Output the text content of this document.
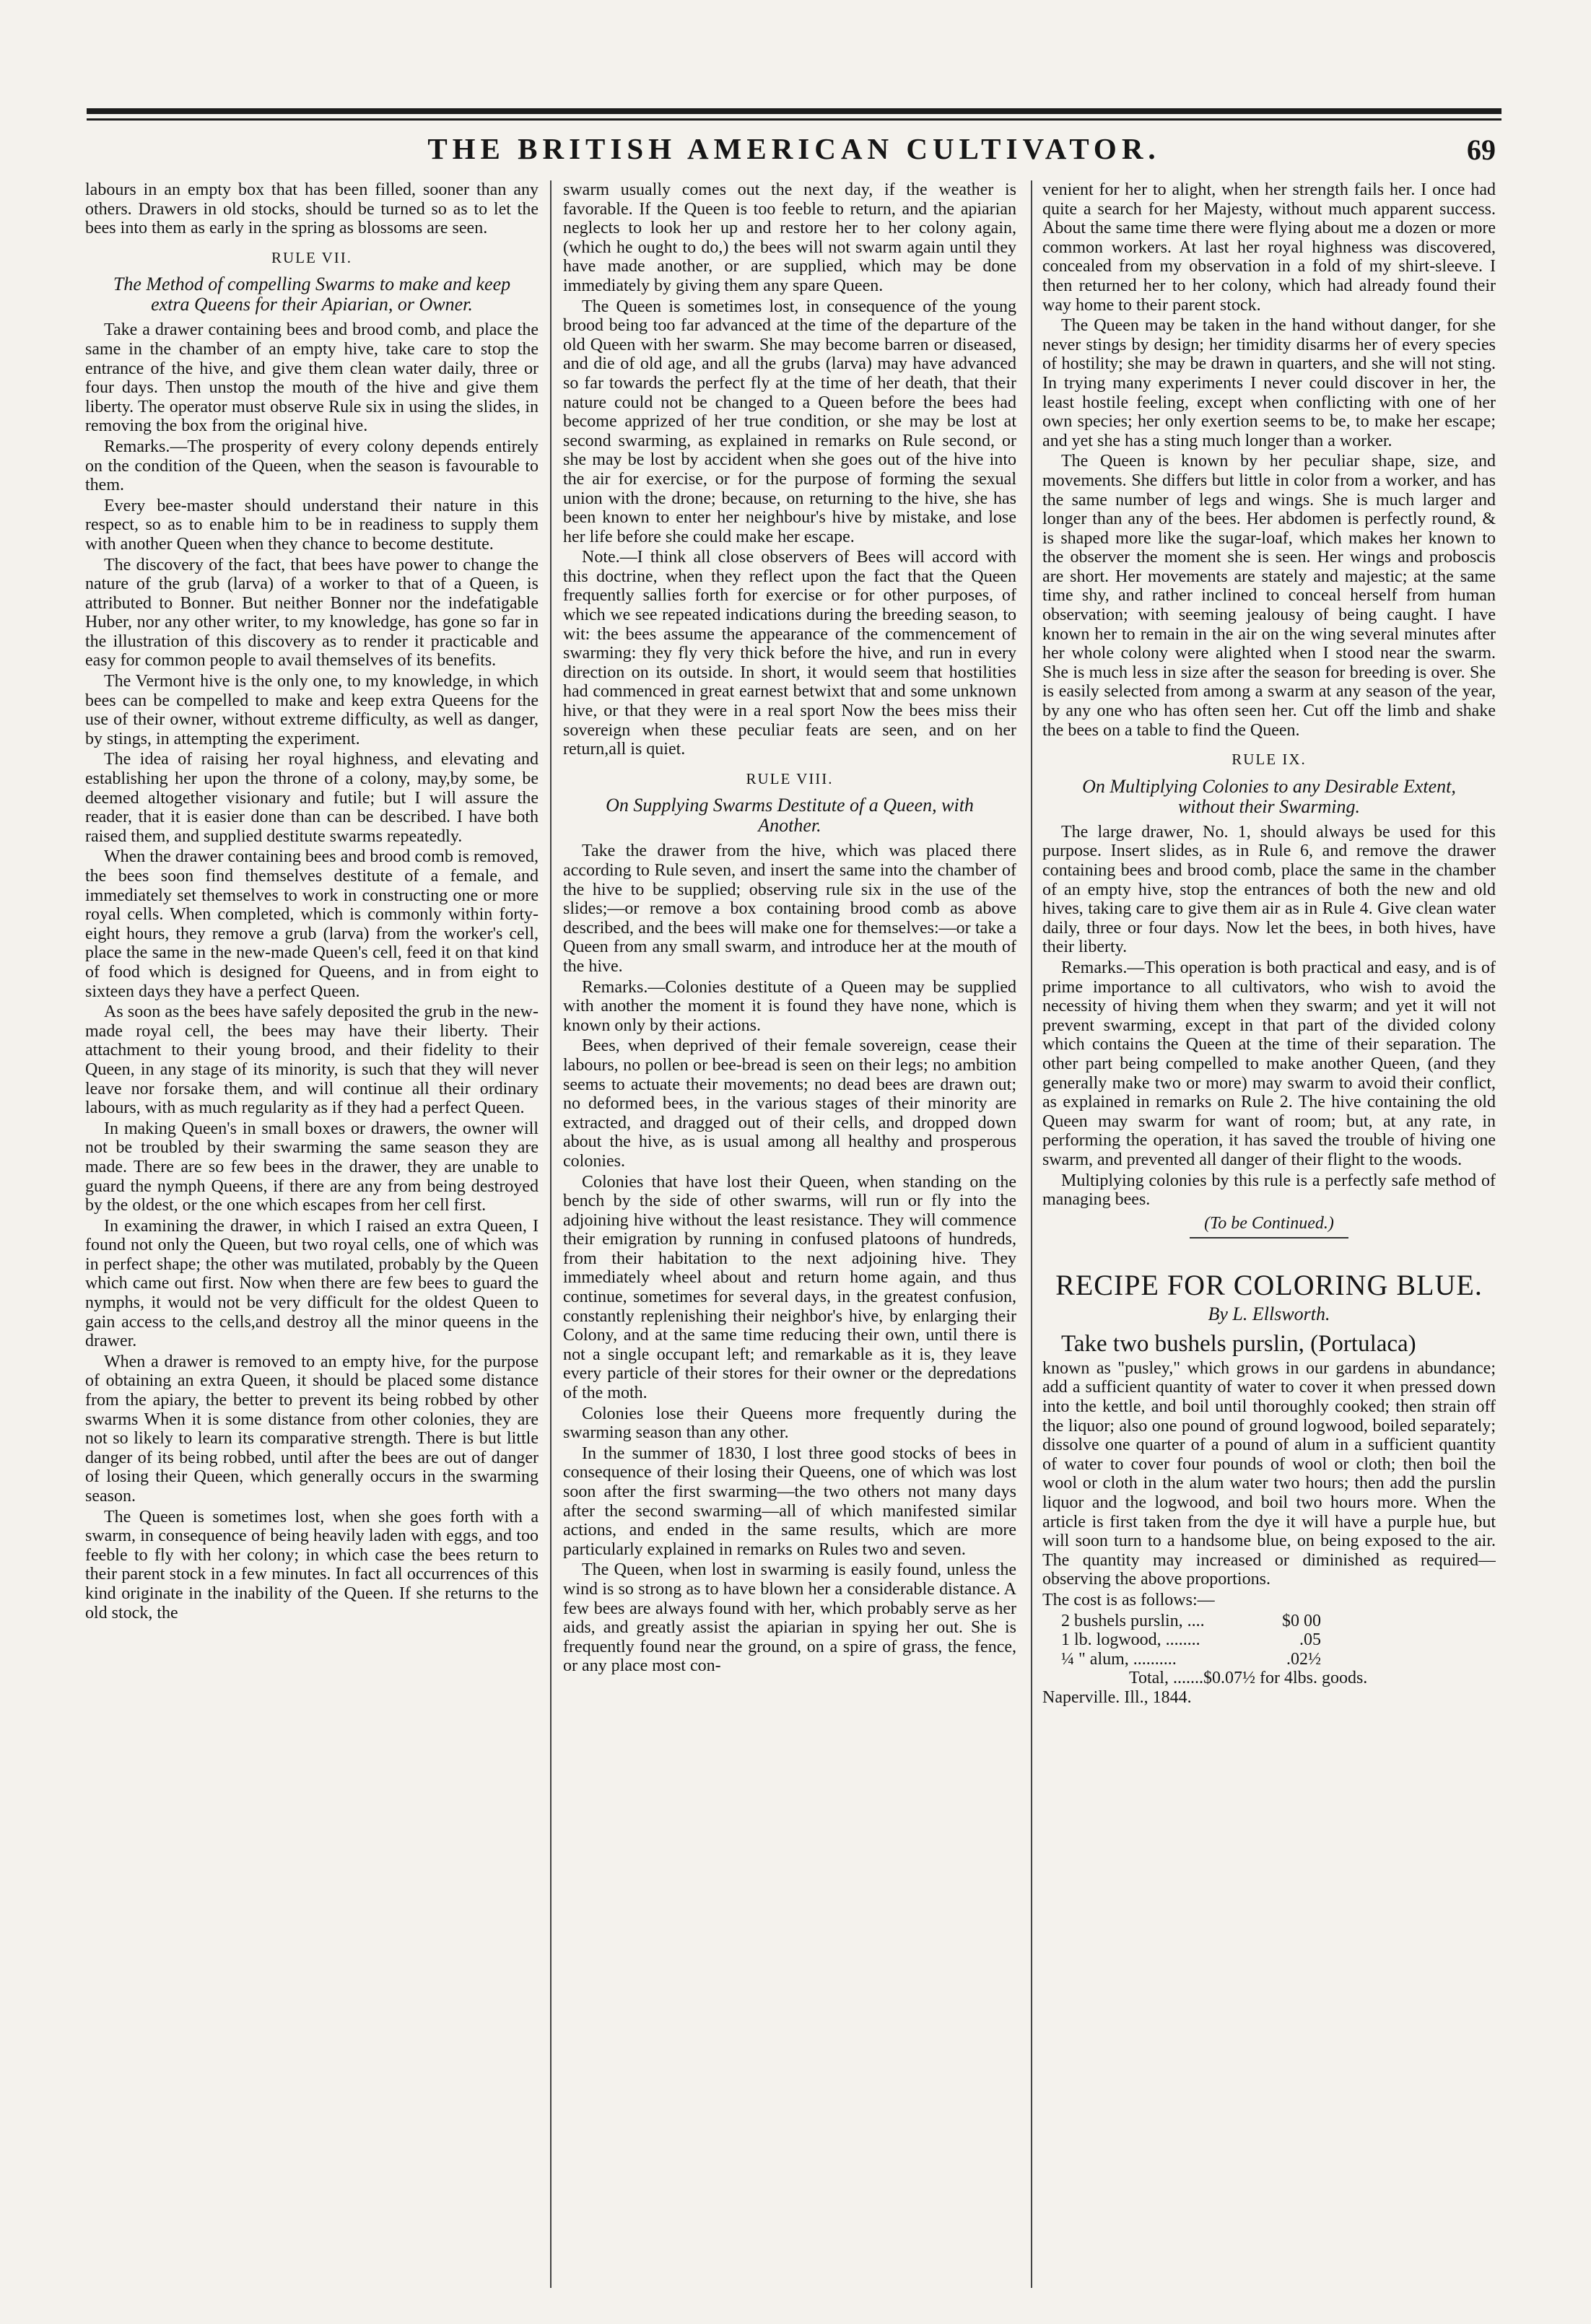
THE BRITISH AMERICAN CULTIVATOR.	69

labours in an empty box that has been filled, sooner than any others. Drawers in old stocks, should be turned so as to let the bees into them as early in the spring as blossoms are seen.

RULE VII.
The Method of compelling Swarms to make and keep extra Queens for their Apiarian, or Owner.

Take a drawer containing bees and brood comb, and place the same in the chamber of an empty hive, take care to stop the entrance of the hive, and give them clean water daily, three or four days. Then unstop the mouth of the hive and give them liberty. The operator must observe Rule six in using the slides, in removing the box from the original hive.

Remarks.—The prosperity of every colony depends entirely on the condition of the Queen, when the season is favourable to them.

Every bee-master should understand their nature in this respect, so as to enable him to be in readiness to supply them with another Queen when they chance to become destitute.

The discovery of the fact, that bees have power to change the nature of the grub (larva) of a worker to that of a Queen, is attributed to Bonner. But neither Bonner nor the indefatigable Huber, nor any other writer, to my knowledge, has gone so far in the illustration of this discovery as to render it practicable and easy for common people to avail themselves of its benefits.

The Vermont hive is the only one, to my knowledge, in which bees can be compelled to make and keep extra Queens for the use of their owner, without extreme difficulty, as well as danger, by stings, in attempting the experiment.

The idea of raising her royal highness, and elevating and establishing her upon the throne of a colony, may,by some, be deemed altogether visionary and futile; but I will assure the reader, that it is easier done than can be described. I have both raised them, and supplied destitute swarms repeatedly.

When the drawer containing bees and brood comb is removed, the bees soon find themselves destitute of a female, and immediately set themselves to work in constructing one or more royal cells. When completed, which is commonly within forty-eight hours, they remove a grub (larva) from the worker's cell, place the same in the new-made Queen's cell, feed it on that kind of food which is designed for Queens, and in from eight to sixteen days they have a perfect Queen.

As soon as the bees have safely deposited the grub in the new-made royal cell, the bees may have their liberty. Their attachment to their young brood, and their fidelity to their Queen, in any stage of its minority, is such that they will never leave nor forsake them, and will continue all their ordinary labours, with as much regularity as if they had a perfect Queen.

In making Queen's in small boxes or drawers, the owner will not be troubled by their swarming the same season they are made. There are so few bees in the drawer, they are unable to guard the nymph Queens, if there are any from being destroyed by the oldest, or the one which escapes from her cell first.

In examining the drawer, in which I raised an extra Queen, I found not only the Queen, but two royal cells, one of which was in perfect shape; the other was mutilated, probably by the Queen which came out first. Now when there are few bees to guard the nymphs, it would not be very difficult for the oldest Queen to gain access to the cells,and destroy all the minor queens in the drawer.

When a drawer is removed to an empty hive, for the purpose of obtaining an extra Queen, it should be placed some distance from the apiary, the better to prevent its being robbed by other swarms When it is some distance from other colonies, they are not so likely to learn its comparative strength. There is but little danger of its being robbed, until after the bees are out of danger of losing their Queen, which generally occurs in the swarming season.

The Queen is sometimes lost, when she goes forth with a swarm, in consequence of being heavily laden with eggs, and too feeble to fly with her colony; in which case the bees return to their parent stock in a few minutes. In fact all occurrences of this kind originate in the inability of the Queen. If she returns to the old stock, the

swarm usually comes out the next day, if the weather is favorable. If the Queen is too feeble to return, and the apiarian neglects to look her up and restore her to her colony again, (which he ought to do,) the bees will not swarm again until they have made another, or are supplied, which may be done immediately by giving them any spare Queen.

The Queen is sometimes lost, in consequence of the young brood being too far advanced at the time of the departure of the old Queen with her swarm. She may become barren or diseased, and die of old age, and all the grubs (larva) may have advanced so far towards the perfect fly at the time of her death, that their nature could not be changed to a Queen before the bees had become apprized of her true condition, or she may be lost at second swarming, as explained in remarks on Rule second, or she may be lost by accident when she goes out of the hive into the air for exercise, or for the purpose of forming the sexual union with the drone; because, on returning to the hive, she has been known to enter her neighbour's hive by mistake, and lose her life before she could make her escape.

Note.—I think all close observers of Bees will accord with this doctrine, when they reflect upon the fact that the Queen frequently sallies forth for exercise or for other purposes, of which we see repeated indications during the breeding season, to wit: the bees assume the appearance of the commencement of swarming: they fly very thick before the hive, and run in every direction on its outside. In short, it would seem that hostilities had commenced in great earnest betwixt that and some unknown hive, or that they were in a real sport Now the bees miss their sovereign when these peculiar feats are seen, and on her return,all is quiet.

RULE VIII.
On Supplying Swarms Destitute of a Queen, with Another.

Take the drawer from the hive, which was placed there according to Rule seven, and insert the same into the chamber of the hive to be supplied; observing rule six in the use of the slides;—or remove a box containing brood comb as above described, and the bees will make one for themselves:—or take a Queen from any small swarm, and introduce her at the mouth of the hive.

Remarks.—Colonies destitute of a Queen may be supplied with another the moment it is found they have none, which is known only by their actions.

Bees, when deprived of their female sovereign, cease their labours, no pollen or bee-bread is seen on their legs; no ambition seems to actuate their movements; no dead bees are drawn out; no deformed bees, in the various stages of their minority are extracted, and dragged out of their cells, and dropped down about the hive, as is usual among all healthy and prosperous colonies.

Colonies that have lost their Queen, when standing on the bench by the side of other swarms, will run or fly into the adjoining hive without the least resistance. They will commence their emigration by running in confused platoons of hundreds, from their habitation to the next adjoining hive. They immediately wheel about and return home again, and thus continue, sometimes for several days, in the greatest confusion, constantly replenishing their neighbor's hive, by enlarging their Colony, and at the same time reducing their own, until there is not a single occupant left; and remarkable as it is, they leave every particle of their stores for their owner or the depredations of the moth.

Colonies lose their Queens more frequently during the swarming season than any other.

In the summer of 1830, I lost three good stocks of bees in consequence of their losing their Queens, one of which was lost soon after the first swarming—the two others not many days after the second swarming—all of which manifested similar actions, and ended in the same results, which are more particularly explained in remarks on Rules two and seven.

The Queen, when lost in swarming is easily found, unless the wind is so strong as to have blown her a considerable distance. A few bees are always found with her, which probably serve as her aids, and greatly assist the apiarian in spying her out. She is frequently found near the ground, on a spire of grass, the fence, or any place most con-

venient for her to alight, when her strength fails her. I once had quite a search for her Majesty, without much apparent success. About the same time there were flying about me a dozen or more common workers. At last her royal highness was discovered, concealed from my observation in a fold of my shirt-sleeve. I then returned her to her colony, which had already found their way home to their parent stock.

The Queen may be taken in the hand without danger, for she never stings by design; her timidity disarms her of every species of hostility; she may be drawn in quarters, and she will not sting. In trying many experiments I never could discover in her, the least hostile feeling, except when conflicting with one of her own species; her only exertion seems to be, to make her escape; and yet she has a sting much longer than a worker.

The Queen is known by her peculiar shape, size, and movements. She differs but little in color from a worker, and has the same number of legs and wings. She is much larger and longer than any of the bees. Her abdomen is perfectly round, & is shaped more like the sugar-loaf, which makes her known to the observer the moment she is seen. Her wings and proboscis are short. Her movements are stately and majestic; at the same time shy, and rather inclined to conceal herself from human observation; with seeming jealousy of being caught. I have known her to remain in the air on the wing several minutes after her whole colony were alighted when I stood near the swarm. She is much less in size after the season for breeding is over. She is easily selected from among a swarm at any season of the year, by any one who has often seen her. Cut off the limb and shake the bees on a table to find the Queen.

RULE IX.
On Multiplying Colonies to any Desirable Extent, without their Swarming.

The large drawer, No. 1, should always be used for this purpose. Insert slides, as in Rule 6, and remove the drawer containing bees and brood comb, place the same in the chamber of an empty hive, stop the entrances of both the new and old hives, taking care to give them air as in Rule 4. Give clean water daily, three or four days. Now let the bees, in both hives, have their liberty.

Remarks.—This operation is both practical and easy, and is of prime importance to all cultivators, who wish to avoid the necessity of hiving them when they swarm; and yet it will not prevent swarming, except in that part of the divided colony which contains the Queen at the time of their separation. The other part being compelled to make another Queen, (and they generally make two or more) may swarm to avoid their conflict, as explained in remarks on Rule 2. The hive containing the old Queen may swarm for want of room; but, at any rate, in performing the operation, it has saved the trouble of hiving one swarm, and prevented all danger of their flight to the woods.

Multiplying colonies by this rule is a perfectly safe method of managing bees.

(To be Continued.)
RECIPE FOR COLORING BLUE.
By L. Ellsworth.

Take two bushels purslin, (Portulaca)

known as "pusley," which grows in our gardens in abundance; add a sufficient quantity of water to cover it when pressed down into the kettle, and boil until thoroughly cooked; then strain off the liquor; also one pound of ground logwood, boiled separately; dissolve one quarter of a pound of alum in a sufficient quantity of water to cover four pounds of wool or cloth; then boil the wool or cloth in the alum water two hours; then add the purslin liquor and the logwood, and boil two hours more. When the article is first taken from the dye it will have a purple hue, but will soon turn to a handsome blue, on being exposed to the air. The quantity may increased or diminished as required—observing the above proportions.

The cost is as follows:—

2 bushels purslin, ....	$0 00
1 lb. logwood, ........	.05
¼ " alum, ..........	.02½
Total, .......$0.07½ for 4lbs. goods.
Naperville. Ill., 1844.
